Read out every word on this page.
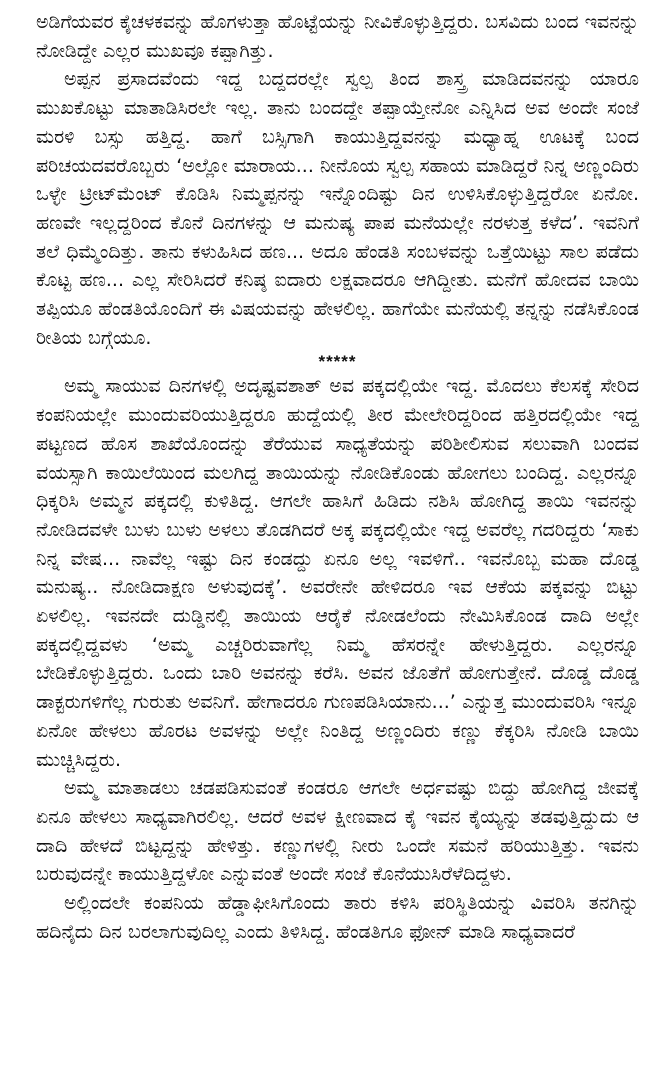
ಅಡಿಗೆಯವರ ಕೈಚಳಕವನ್ನು ಹೊಗಳುತ್ತಾ ಹೊಟ್ಟೆಯನ್ನು ನೀವಿಕೊಳ್ಳುತ್ತಿದ್ದರು. ಬಸವಿದು ಬಂದ ಇವನನ್ನು ನೋಡಿದ್ದೇ ಎಲ್ಲರ ಮುಖವೂ ಕಪ್ಪಾಗಿತ್ತು.

ಅಪ್ಪನ ಪ್ರಸಾದವೆಂದು ಇದ್ದ ಬದ್ದದರಲ್ಲೇ ಸ್ವಲ್ಪ ತಿಂದ ಶಾಸ್ತ್ರ ಮಾಡಿದವನನ್ನು ಯಾರೂ ಮುಖಕೊಟ್ಟು ಮಾತಾಡಿಸಿರಲೇ ಇಲ್ಲ. ತಾನು ಬಂದದ್ದೇ ತಪ್ಪಾಯ್ತೇನೋ ಎನ್ನಿಸಿದ ಅವ ಅಂದೇ ಸಂಜೆ ಮರಳಿ ಬಸ್ಸು ಹತ್ತಿದ್ದ. ಹಾಗೆ ಬಸ್ಸಿಗಾಗಿ ಕಾಯುತ್ತಿದ್ದವನನ್ನು ಮಧ್ಯಾಹ್ನ ಊಟಕ್ಕೆ ಬಂದ ಪರಿಚಯದವರೊಬ್ಬರು ‘ಅಲ್ಲೋ ಮಾರಾಯ... ನೀನೊಯ ಸ್ವಲ್ಪ ಸಹಾಯ ಮಾಡಿದ್ದರೆ ನಿನ್ನ ಅಣ್ಣಂದಿರು ಒಳ್ಳೇ ಟ್ರೀಟ್‌ಮೆಂಟ್ ಕೊಡಿಸಿ ನಿಮ್ಮಪ್ಪನನ್ನು ಇನ್ನೊಂದಿಷ್ಟು ದಿನ ಉಳಿಸಿಕೊಳ್ಳುತ್ತಿದ್ದರೋ ಏನೋ. ಹಣವೇ ಇಲ್ಲದ್ದರಿಂದ ಕೊನೆ ದಿನಗಳನ್ನು ಆ ಮನುಷ್ಯ ಪಾಪ ಮನೆಯಲ್ಲೇ ನರಳುತ್ತ ಕಳೆದ’. ಇವನಿಗೆ ತಲೆ ಧಿಮ್ಮೆಂದಿತ್ತು. ತಾನು ಕಳುಹಿಸಿದ ಹಣ... ಅದೂ ಹೆಂಡತಿ ಸಂಬಳವನ್ನು ಒತ್ತೆಯಿಟ್ಟು ಸಾಲ ಪಡೆದು ಕೊಟ್ಟ ಹಣ... ಎಲ್ಲ ಸೇರಿಸಿದರೆ ಕನಿಷ್ಠ ಐದಾರು ಲಕ್ಷವಾದರೂ ಆಗಿದ್ದೀತು. ಮನೆಗೆ ಹೋದವ ಬಾಯಿ ತಪ್ಪಿಯೂ ಹೆಂಡತಿಯೊಂದಿಗೆ ಈ ವಿಷಯವನ್ನು ಹೇಳಲಿಲ್ಲ. ಹಾಗೆಯೇ ಮನೆಯಲ್ಲಿ ತನ್ನನ್ನು ನಡೆಸಿಕೊಂಡ ರೀತಿಯ ಬಗ್ಗೆಯೂ.

*****

ಅಮ್ಮ ಸಾಯುವ ದಿನಗಳಲ್ಲಿ ಅದೃಷ್ಟವಶಾತ್ ಅವ ಪಕ್ಕದಲ್ಲಿಯೇ ಇದ್ದ. ಮೊದಲು ಕೆಲಸಕ್ಕೆ ಸೇರಿದ ಕಂಪನಿಯಲ್ಲೇ ಮುಂದುವರಿಯುತ್ತಿದ್ದರೂ ಹುದ್ದೆಯಲ್ಲಿ ತೀರ ಮೇಲೇರಿದ್ದರಿಂದ ಹತ್ತಿರದಲ್ಲಿಯೇ ಇದ್ದ ಪಟ್ಟಣದ ಹೊಸ ಶಾಖೆಯೊಂದನ್ನು ತೆರೆಯುವ ಸಾಧ್ಯತೆಯನ್ನು ಪರಿಶೀಲಿಸುವ ಸಲುವಾಗಿ ಬಂದವ ವಯಸ್ಸಾಗಿ ಕಾಯಿಲೆಯಿಂದ ಮಲಗಿದ್ದ ತಾಯಿಯನ್ನು ನೋಡಿಕೊಂಡು ಹೋಗಲು ಬಂದಿದ್ದ. ಎಲ್ಲರನ್ನೂ ಧಿಕ್ಕರಿಸಿ ಅಮ್ಮನ ಪಕ್ಕದಲ್ಲಿ ಕುಳಿತಿದ್ದ. ಆಗಲೇ ಹಾಸಿಗೆ ಹಿಡಿದು ನಶಿಸಿ ಹೋಗಿದ್ದ ತಾಯಿ ಇವನನ್ನು ನೋಡಿದವಳೇ ಬುಳು ಬುಳು ಅಳಲು ತೊಡಗಿದರೆ ಅಕ್ಕ ಪಕ್ಕದಲ್ಲಿಯೇ ಇದ್ದ ಅವರೆಲ್ಲ ಗದರಿದ್ದರು ‘ಸಾಕು ನಿನ್ನ ವೇಷ... ನಾವೆಲ್ಲ ಇಷ್ಟು ದಿನ ಕಂಡದ್ದು ಏನೂ ಅಲ್ಲ ಇವಳಿಗೆ.. ಇವನೊಬ್ಬ ಮಹಾ ದೊಡ್ಡ ಮನುಷ್ಯ.. ನೋಡಿದಾಕ್ಷಣ ಅಳುವುದಕ್ಕೆ’. ಅವರೇನೇ ಹೇಳಿದರೂ ಇವ ಆಕೆಯ ಪಕ್ಕವನ್ನು ಬಿಟ್ಟು ಏಳಲಿಲ್ಲ. ಇವನದೇ ದುಡ್ಡಿನಲ್ಲಿ ತಾಯಿಯ ಆರೈಕೆ ನೋಡಲೆಂದು ನೇಮಿಸಿಕೊಂಡ ದಾದಿ ಅಲ್ಲೇ ಪಕ್ಕದಲ್ಲಿದ್ದವಳು ‘ಅಮ್ಮ ಎಚ್ಚರಿರುವಾಗೆಲ್ಲ ನಿಮ್ಮ ಹೆಸರನ್ನೇ ಹೇಳುತ್ತಿದ್ದರು. ಎಲ್ಲರನ್ನೂ ಬೇಡಿಕೊಳ್ಳುತ್ತಿದ್ದರು. ಒಂದು ಬಾರಿ ಅವನನ್ನು ಕರೆಸಿ. ಅವನ ಜೊತೆಗೆ ಹೋಗುತ್ತೇನೆ. ದೊಡ್ಡ ದೊಡ್ಡ ಡಾಕ್ಟರುಗಳಿಗೆಲ್ಲ ಗುರುತು ಅವನಿಗೆ. ಹೇಗಾದರೂ ಗುಣಪಡಿಸಿಯಾನು...’ ಎನ್ನುತ್ತ ಮುಂದುವರಿಸಿ ಇನ್ನೂ ಏನೋ ಹೇಳಲು ಹೊರಟ ಅವಳನ್ನು ಅಲ್ಲೇ ನಿಂತಿದ್ದ ಅಣ್ಣಂದಿರು ಕಣ್ಣು ಕೆಕ್ಕರಿಸಿ ನೋಡಿ ಬಾಯಿ ಮುಚ್ಚಿಸಿದ್ದರು.

ಅಮ್ಮ ಮಾತಾಡಲು ಚಡಪಡಿಸುವಂತೆ ಕಂಡರೂ ಆಗಲೇ ಅರ್ಧವಷ್ಟು ಬಿದ್ದು ಹೋಗಿದ್ದ ಜೀವಕ್ಕೆ ಏನೂ ಹೇಳಲು ಸಾಧ್ಯವಾಗಿರಲಿಲ್ಲ. ಆದರೆ ಅವಳ ಕ್ಷೀಣವಾದ ಕೈ ಇವನ ಕೈಯ್ಯನ್ನು ತಡವುತ್ತಿದ್ದುದು ಆ ದಾದಿ ಹೇಳದೆ ಬಿಟ್ಟದ್ದನ್ನು ಹೇಳಿತ್ತು. ಕಣ್ಣುಗಳಲ್ಲಿ ನೀರು ಒಂದೇ ಸಮನೆ ಹರಿಯುತ್ತಿತ್ತು. ಇವನು ಬರುವುದನ್ನೇ ಕಾಯುತ್ತಿದ್ದಳೋ ಎನ್ನುವಂತೆ ಅಂದೇ ಸಂಜೆ ಕೊನೆಯುಸಿರೆಳೆದಿದ್ದಳು.

ಅಲ್ಲಿಂದಲೇ ಕಂಪನಿಯ ಹೆಡ್ಡಾಫೀಸಿಗೊಂದು ತಾರು ಕಳಿಸಿ ಪರಿಸ್ಥಿತಿಯನ್ನು ವಿವರಿಸಿ ತನಗಿನ್ನು ಹದಿನೈದು ದಿನ ಬರಲಾಗುವುದಿಲ್ಲ ಎಂದು ತಿಳಿಸಿದ್ದ. ಹೆಂಡತಿಗೂ ಫೋನ್ ಮಾಡಿ ಸಾಧ್ಯವಾದರೆ
